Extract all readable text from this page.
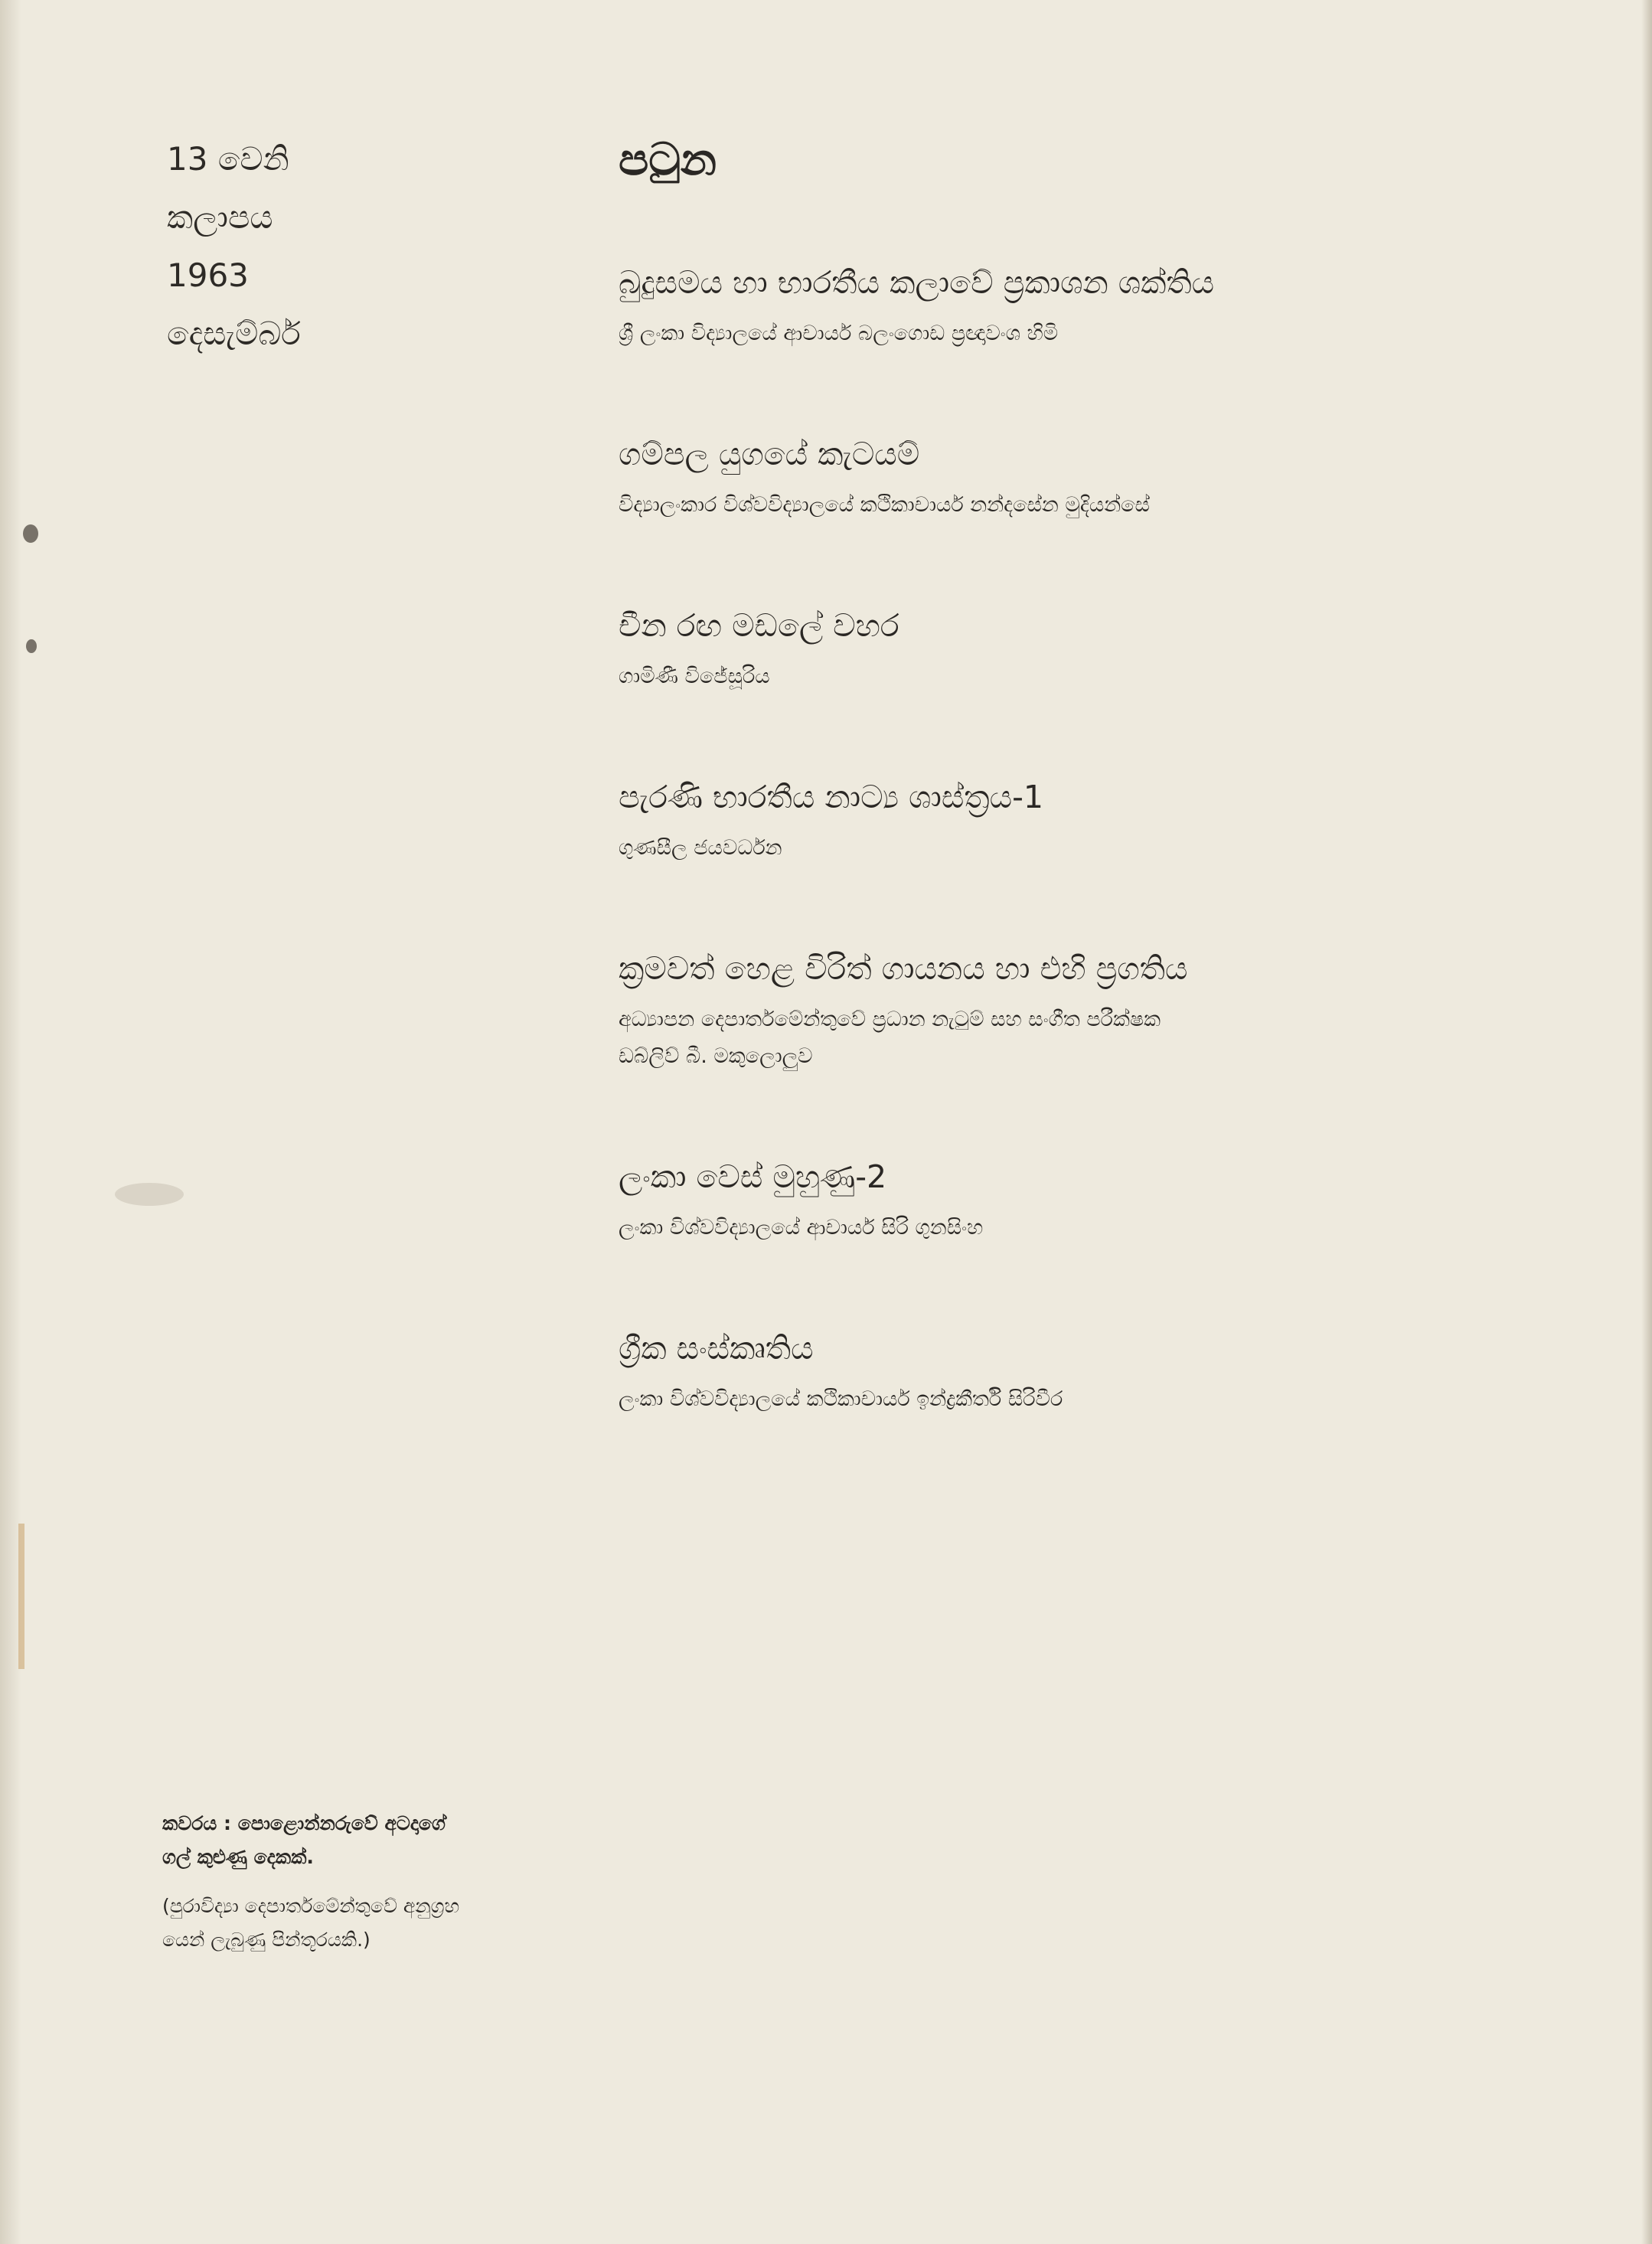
13 වෙනි
කලාපය
1963
දෙසැම්බර්
පටුන
බුදුසමය හා භාරතීය කලාවේ ප්‍රකාශන ශක්තිය
ශ්‍රී ලංකා විද්‍යාලයේ ආචාර්ය බලංගොඩ ප්‍රඥාවංශ හිමි
ගම්පල යුගයේ කැටයම්
විද්‍යාලංකාර විශ්වවිද්‍යාලයේ කථිකාචාර්ය නන්දසේන මුදියන්සේ
චීන රඟ මඩලේ වහර
ගාමිණී විජේසූරිය
පැරණි භාරතීය නාට්‍ය ශාස්ත්‍රය-1
ගුණසීල ජයවර්ධන
ක්‍රමවත් හෙළ විරිත් ගායනය හා එහි ප්‍රගතිය
අධ්‍යාපන දෙපාර්තමේන්තුවේ ප්‍රධාන නැටුම් සහ සංගීත පරීක්ෂක
ඩබ්ලිව් බී. මකුලොලුව
ලංකා වෙස් මුහුණු-2
ලංකා විශ්වවිද්‍යාලයේ ආචාර්ය සිරි ගුනසිංහ
ග්‍රීක සංස්කෘතිය
ලංකා විශ්වවිද්‍යාලයේ කථිකාචාර්ය ඉන්ද්‍රකීර්ති සිරිවීර
කවරය : පොළොන්නරුවේ අටදාගේ
ගල් කුළුණු දෙකක්.
(පුරාවිද්‍යා දෙපාර්තමේන්තුවේ අනුග්‍රහ
යෙන් ලැබුණු පින්තූරයකි.)
